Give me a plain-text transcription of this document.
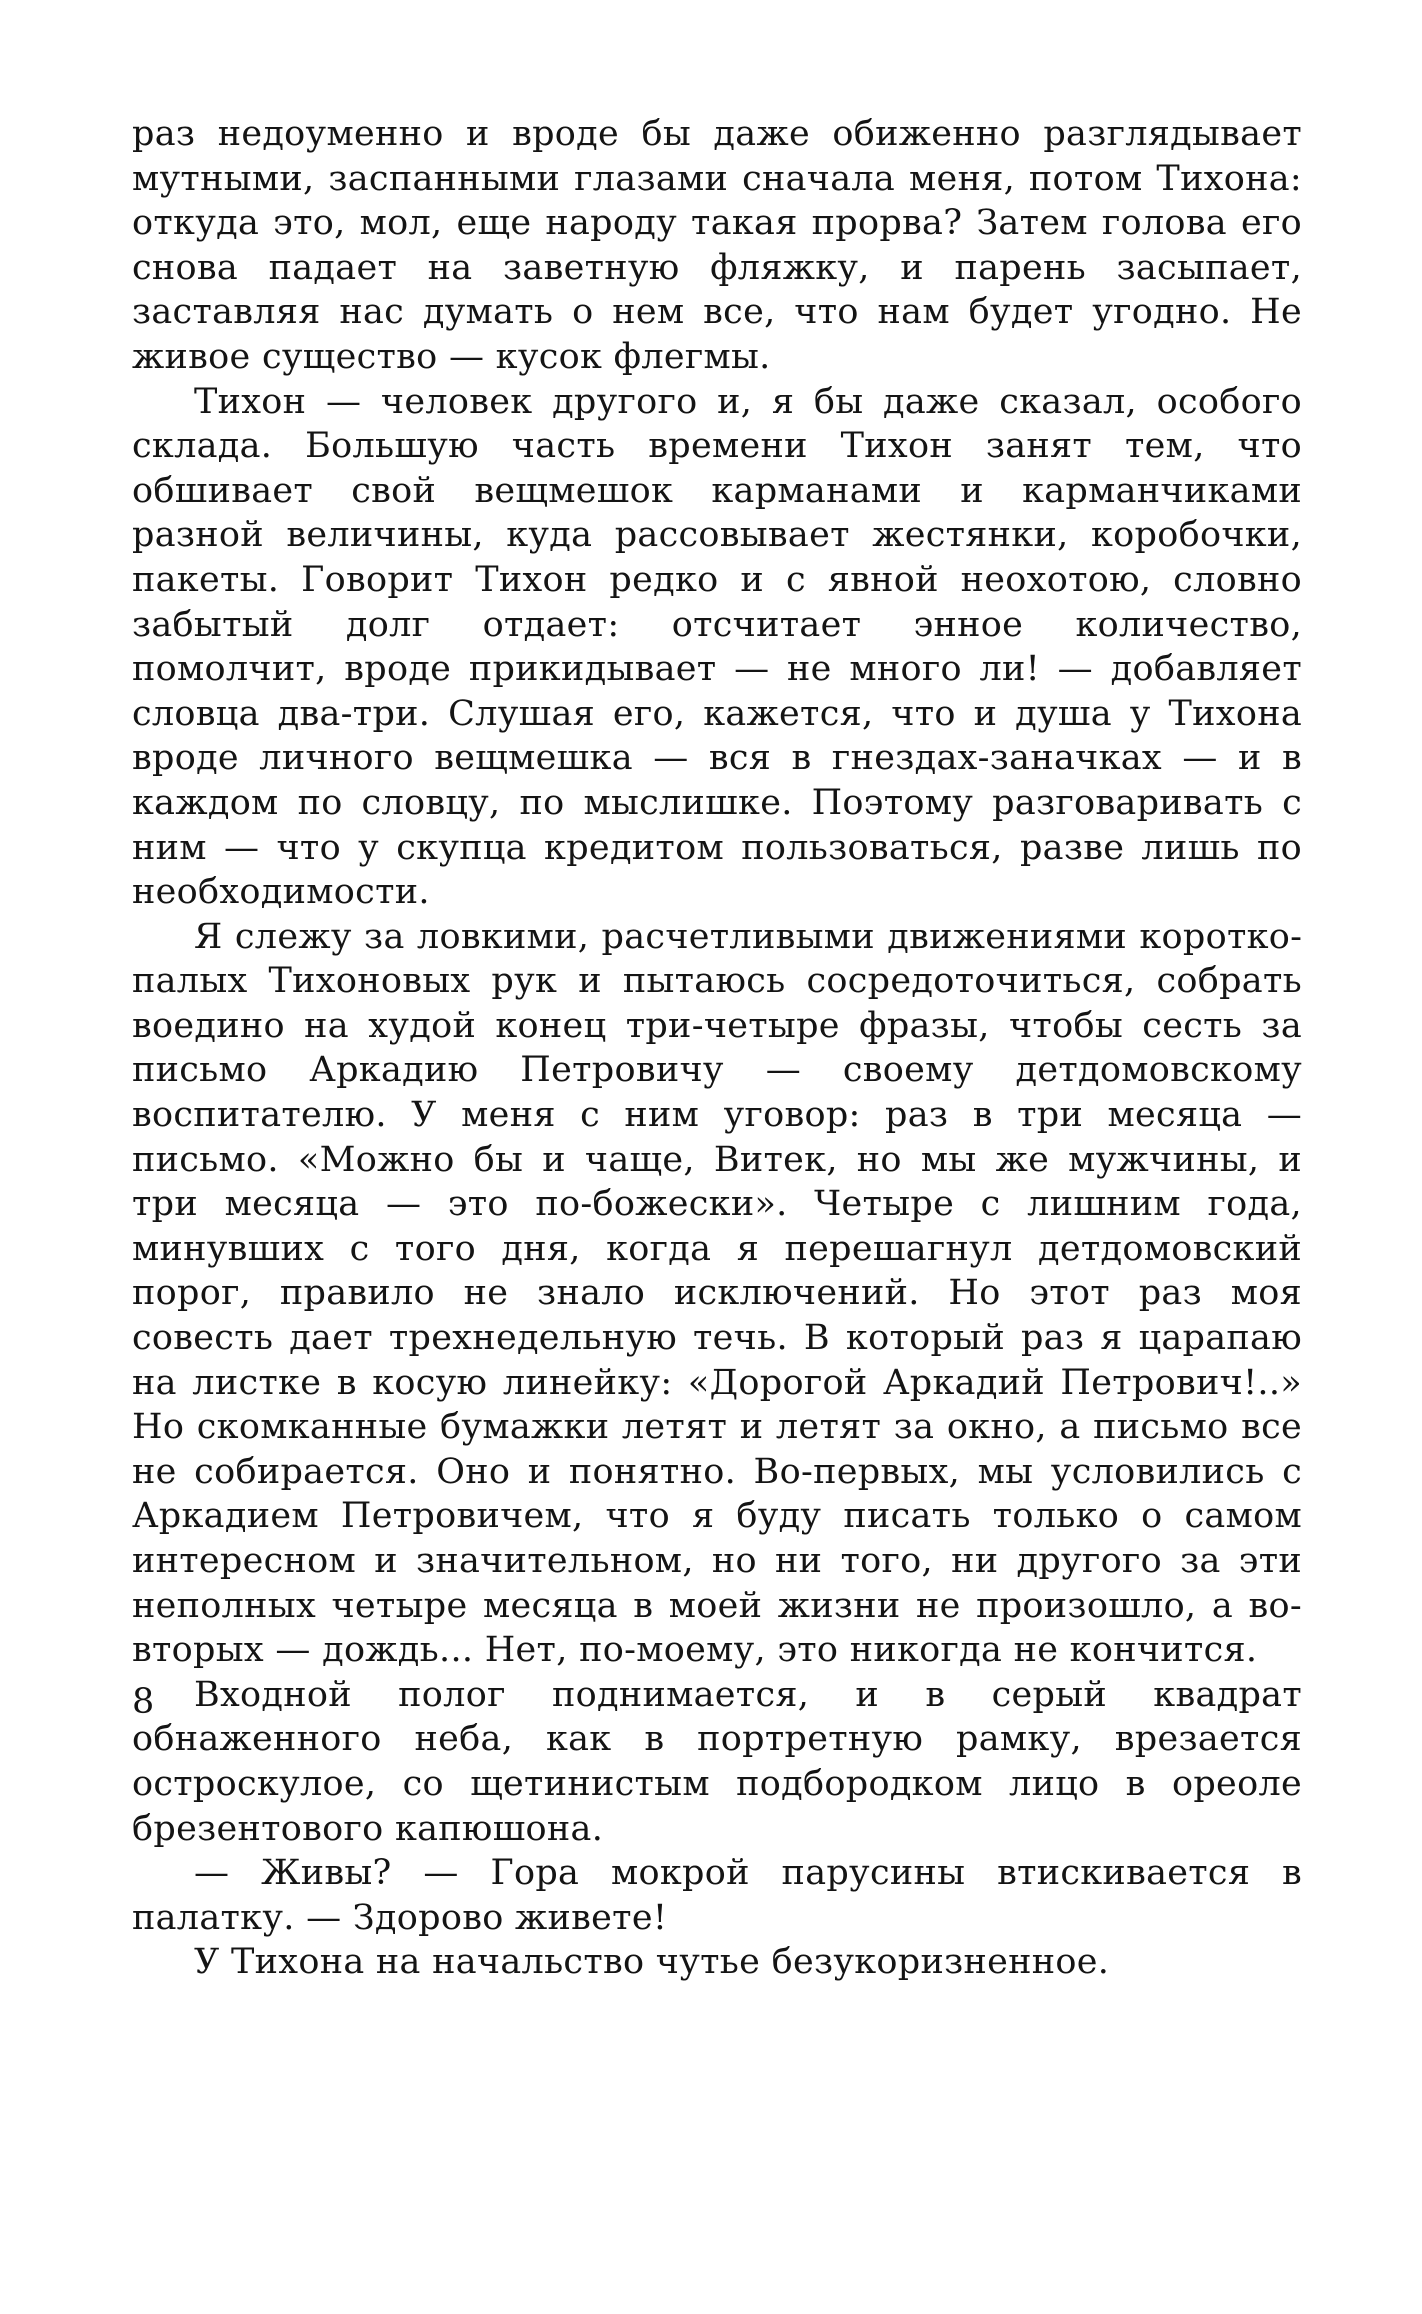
раз недоуменно и вроде бы даже обиженно разглядывает мутными, заспанными глазами сначала меня, потом Тихона: откуда это, мол, еще народу такая прорва? Затем голова его снова падает на заветную фляжку, и парень засыпает, заставляя нас думать о нем все, что нам будет угодно. Не живое существо — кусок флегмы.

Тихон — человек другого и, я бы даже сказал, особого склада. Большую часть времени Тихон занят тем, что обшивает свой вещмешок карманами и карманчиками разной величины, куда рассовывает жестянки, коробочки, пакеты. Говорит Тихон редко и с явной неохотою, словно забытый долг отдает: отсчитает энное количество, помолчит, вроде прикидывает — не много ли! — добавляет словца два-три. Слушая его, кажется, что и душа у Тихона вроде личного вещмешка — вся в гнездах-заначках — и в каждом по словцу, по мыслишке. Поэтому разговаривать с ним — что у скупца кредитом пользоваться, разве лишь по необходимости.

Я слежу за ловкими, расчетливыми движениями короткопалых Тихоновых рук и пытаюсь сосредоточиться, собрать воедино на худой конец три-четыре фразы, чтобы сесть за письмо Аркадию Петровичу — своему детдомовскому воспитателю. У меня с ним уговор: раз в три месяца — письмо. «Можно бы и чаще, Витек, но мы же мужчины, и три месяца — это по-божески». Четыре с лишним года, минувших с того дня, когда я перешагнул детдомовский порог, правило не знало исключений. Но этот раз моя совесть дает трехнедельную течь. В который раз я царапаю на листке в косую линейку: «Дорогой Аркадий Петрович!..» Но скомканные бумажки летят и летят за окно, а письмо все не собирается. Оно и понятно. Во-первых, мы условились с Аркадием Петровичем, что я буду писать только о самом интересном и значительном, но ни того, ни другого за эти неполных четыре месяца в моей жизни не произошло, а во-вторых — дождь... Нет, по-моему, это никогда не кончится.

Входной полог поднимается, и в серый квадрат обнаженного неба, как в портретную рамку, врезается остроскулое, со щетинистым подбородком лицо в ореоле брезентового капюшона.

— Живы? — Гора мокрой парусины втискивается в палатку. — Здорово живете!

У Тихона на начальство чутье безукоризненное.

8
